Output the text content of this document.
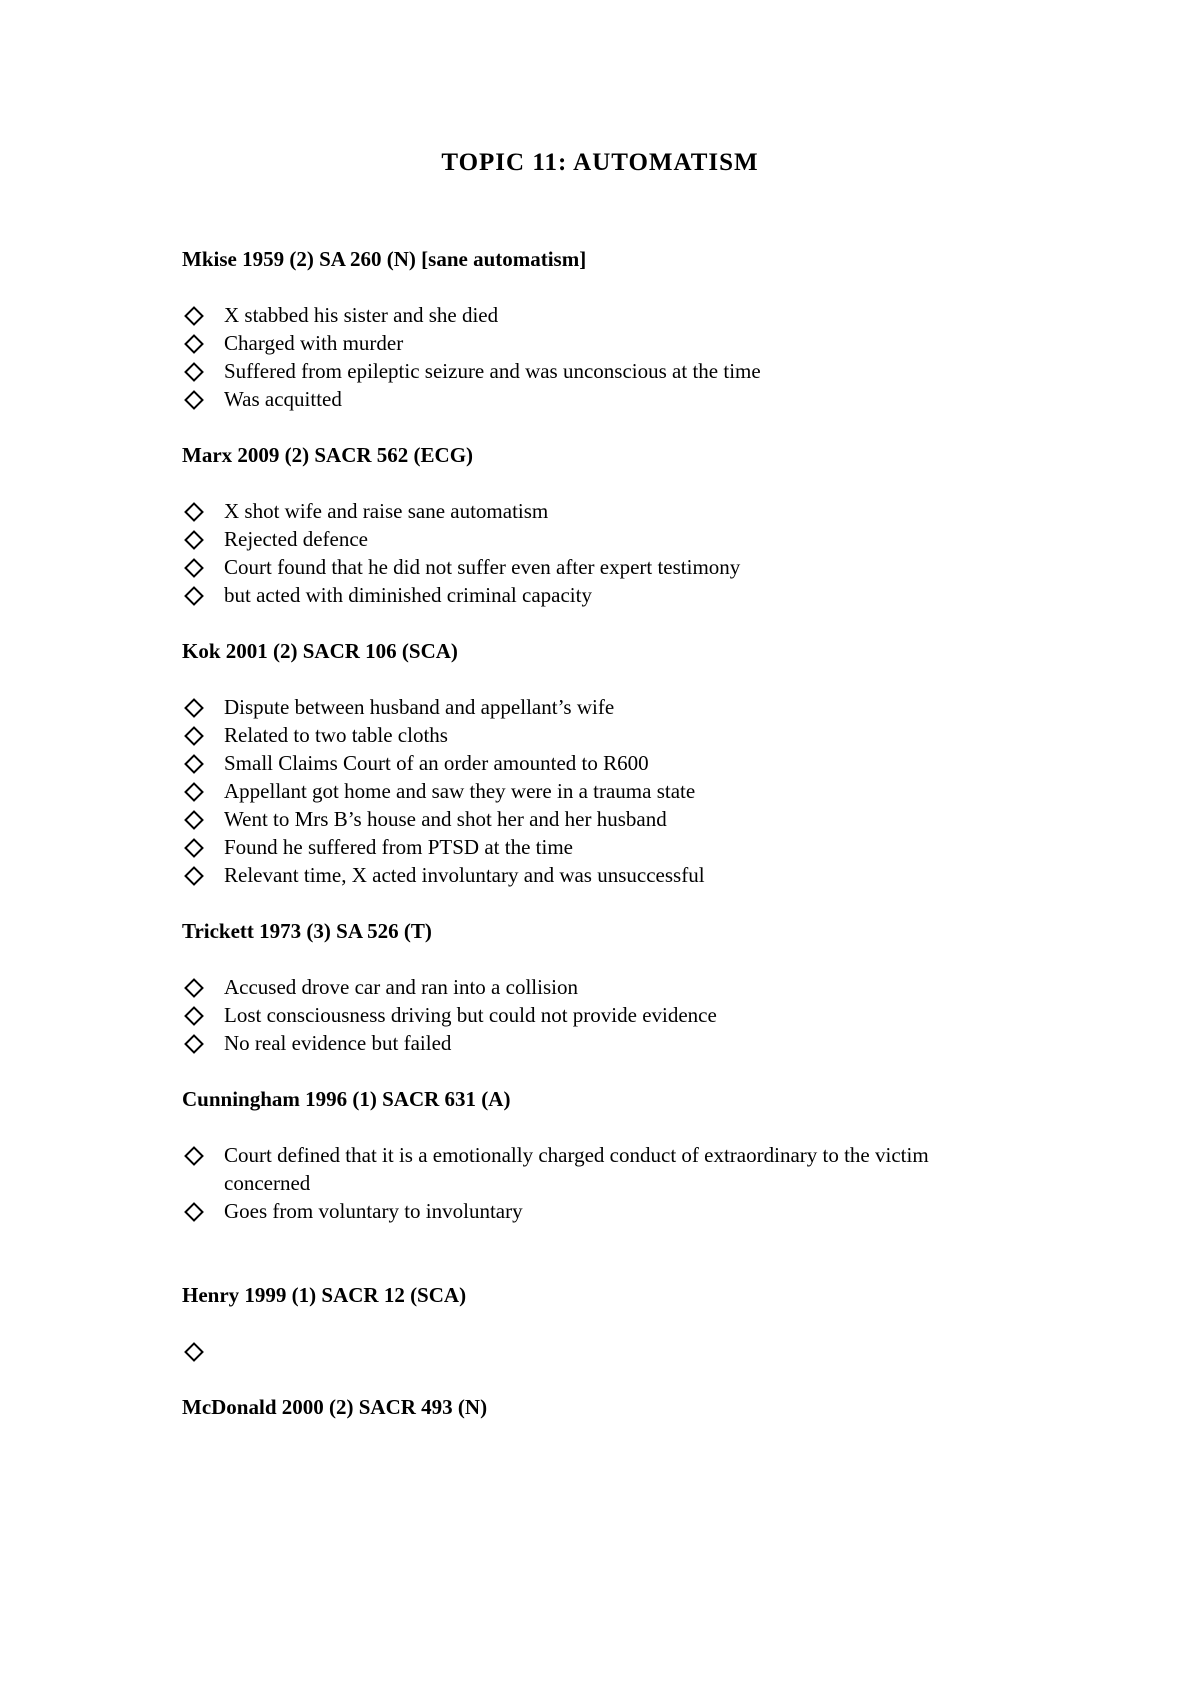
TOPIC 11: AUTOMATISM
Mkise 1959 (2) SA 260 (N) [sane automatism]
X stabbed his sister and she died
Charged with murder
Suffered from epileptic seizure and was unconscious at the time
Was acquitted
Marx 2009 (2) SACR 562 (ECG)
X shot wife and raise sane automatism
Rejected defence
Court found that he did not suffer even after expert testimony
but acted with diminished criminal capacity
Kok 2001 (2) SACR 106 (SCA)
Dispute between husband and appellant’s wife
Related to two table cloths
Small Claims Court of an order amounted to R600
Appellant got home and saw they were in a trauma state
Went to Mrs B’s house and shot her and her husband
Found he suffered from PTSD at the time
Relevant time, X acted involuntary and was unsuccessful
Trickett 1973 (3) SA 526 (T)
Accused drove car and ran into a collision
Lost consciousness driving but could not provide evidence
No real evidence but failed
Cunningham 1996 (1) SACR 631 (A)
Court defined that it is a emotionally charged conduct of extraordinary to the victim concerned
Goes from voluntary to involuntary
Henry 1999 (1) SACR 12 (SCA)
McDonald 2000 (2) SACR 493 (N)
